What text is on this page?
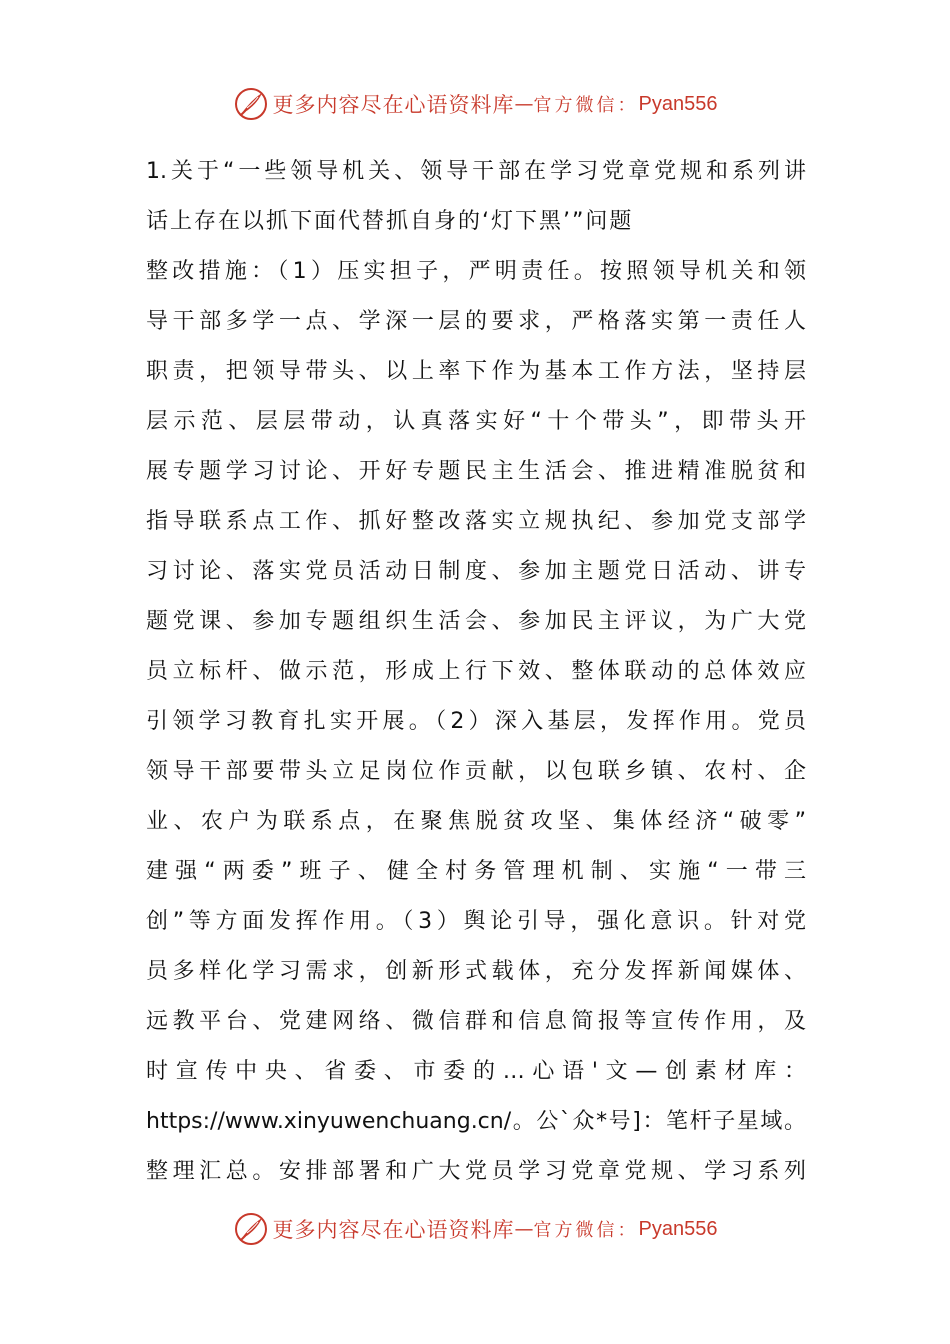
更多内容尽在心语资料库 — 官方微信： Pyan556
1.关于“一些领导机关、领导干部在学习党章党规和系列讲
话上存在以抓下面代替抓自身的‘灯下黑’”问题
整改措施：（1）压实担子，严明责任。按照领导机关和领
导干部多学一点、学深一层的要求，严格落实第一责任人
职责，把领导带头、以上率下作为基本工作方法，坚持层
层示范、层层带动，认真落实好“十个带头”，即带头开
展专题学习讨论、开好专题民主生活会、推进精准脱贫和
指导联系点工作、抓好整改落实立规执纪、参加党支部学
习讨论、落实党员活动日制度、参加主题党日活动、讲专
题党课、参加专题组织生活会、参加民主评议，为广大党
员立标杆、做示范，形成上行下效、整体联动的总体效应
引领学习教育扎实开展。（2）深入基层，发挥作用。党员
领导干部要带头立足岗位作贡献，以包联乡镇、农村、企
业、农户为联系点，在聚焦脱贫攻坚、集体经济“破零”
建强“两委”班子、健全村务管理机制、实施“一带三
创”等方面发挥作用。（3）舆论引导，强化意识。针对党
员多样化学习需求，创新形式载体，充分发挥新闻媒体、
远教平台、党建网络、微信群和信息简报等宣传作用，及
时宣传中央、省委、市委的…心语'文—创素材库：
https://www.xinyuwenchuang.cn/。公`众*号]：笔杆子星域。
整理汇总。安排部署和广大党员学习党章党规、学习系列
更多内容尽在心语资料库 — 官方微信： Pyan556
